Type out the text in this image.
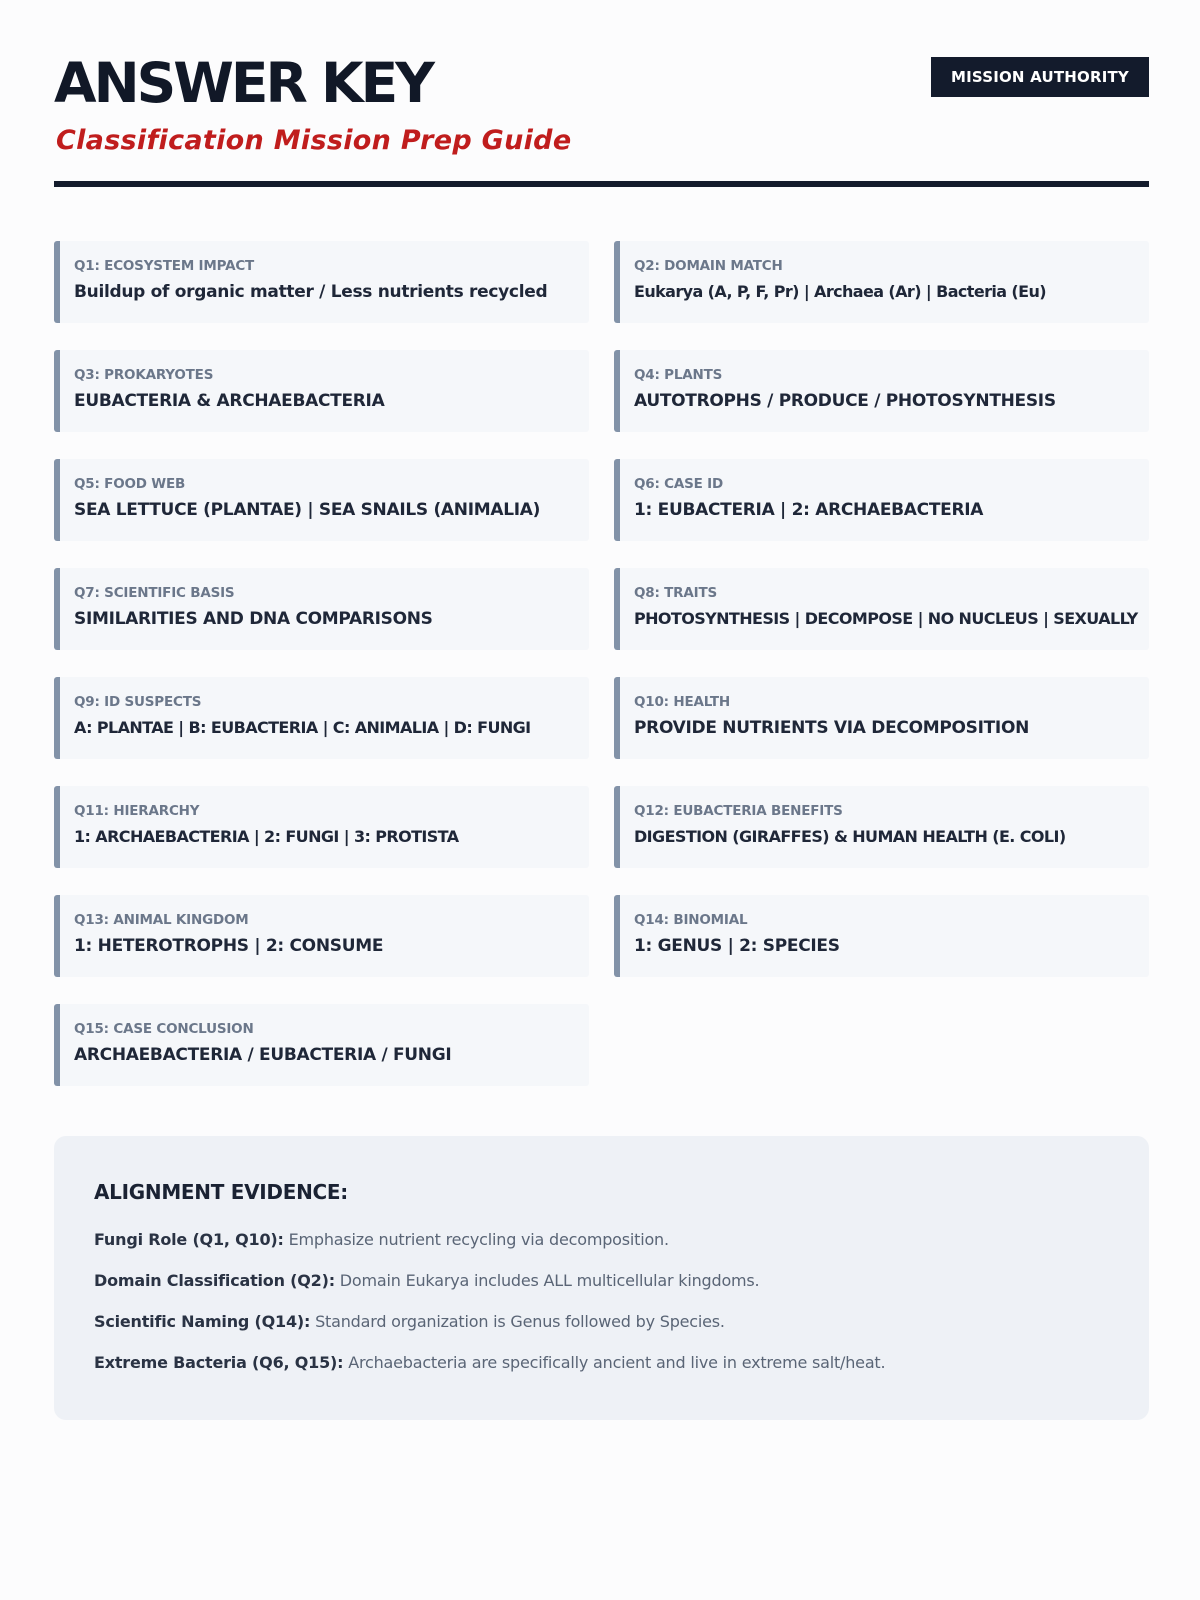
ANSWER KEY
Classification Mission Prep Guide
MISSION AUTHORITY
Q1: ECOSYSTEM IMPACT
Buildup of organic matter / Less nutrients recycled
Q2: DOMAIN MATCH
Eukarya (A, P, F, Pr) | Archaea (Ar) | Bacteria (Eu)
Q3: PROKARYOTES
EUBACTERIA & ARCHAEBACTERIA
Q4: PLANTS
AUTOTROPHS / PRODUCE / PHOTOSYNTHESIS
Q5: FOOD WEB
SEA LETTUCE (PLANTAE) | SEA SNAILS (ANIMALIA)
Q6: CASE ID
1: EUBACTERIA | 2: ARCHAEBACTERIA
Q7: SCIENTIFIC BASIS
SIMILARITIES AND DNA COMPARISONS
Q8: TRAITS
PHOTOSYNTHESIS | DECOMPOSE | NO NUCLEUS | SEXUALLY
Q9: ID SUSPECTS
A: PLANTAE | B: EUBACTERIA | C: ANIMALIA | D: FUNGI
Q10: HEALTH
PROVIDE NUTRIENTS VIA DECOMPOSITION
Q11: HIERARCHY
1: ARCHAEBACTERIA | 2: FUNGI | 3: PROTISTA
Q12: EUBACTERIA BENEFITS
DIGESTION (GIRAFFES) & HUMAN HEALTH (E. COLI)
Q13: ANIMAL KINGDOM
1: HETEROTROPHS | 2: CONSUME
Q14: BINOMIAL
1: GENUS | 2: SPECIES
Q15: CASE CONCLUSION
ARCHAEBACTERIA / EUBACTERIA / FUNGI
ALIGNMENT EVIDENCE:
Fungi Role (Q1, Q10): Emphasize nutrient recycling via decomposition.
Domain Classification (Q2): Domain Eukarya includes ALL multicellular kingdoms.
Scientific Naming (Q14): Standard organization is Genus followed by Species.
Extreme Bacteria (Q6, Q15): Archaebacteria are specifically ancient and live in extreme salt/heat.
